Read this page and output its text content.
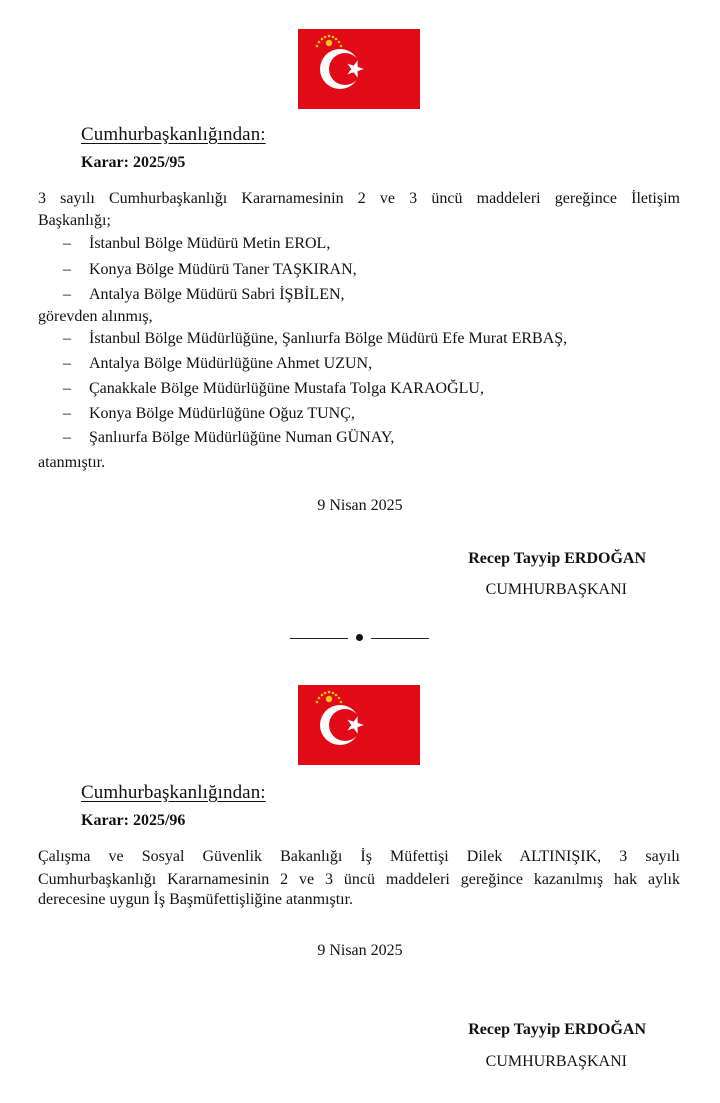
Cumhurbaşkanlığından:
Karar: 2025/95

3 sayılı Cumhurbaşkanlığı Kararnamesinin 2 ve 3 üncü maddeleri gereğince İletişim

Başkanlığı;
– İstanbul Bölge Müdürü Metin EROL,
– Konya Bölge Müdürü Taner TAŞKIRAN,
– Antalya Bölge Müdürü Sabri İŞBİLEN,
görevden alınmış,
– İstanbul Bölge Müdürlüğüne, Şanlıurfa Bölge Müdürü Efe Murat ERBAŞ,
– Antalya Bölge Müdürlüğüne Ahmet UZUN,
– Çanakkale Bölge Müdürlüğüne Mustafa Tolga KARAOĞLU,
– Konya Bölge Müdürlüğüne Oğuz TUNÇ,
– Şanlıurfa Bölge Müdürlüğüne Numan GÜNAY,
atanmıştır.
9 Nisan 2025
Recep Tayyip ERDOĞAN
CUMHURBAŞKANI
Cumhurbaşkanlığından:
Karar: 2025/96

Çalışma ve Sosyal Güvenlik Bakanlığı İş Müfettişi Dilek ALTINIŞIK, 3 sayılı

Cumhurbaşkanlığı Kararnamesinin 2 ve 3 üncü maddeleri gereğince kazanılmış hak aylık

derecesine uygun İş Başmüfettişliğine atanmıştır.
9 Nisan 2025
Recep Tayyip ERDOĞAN
CUMHURBAŞKANI
